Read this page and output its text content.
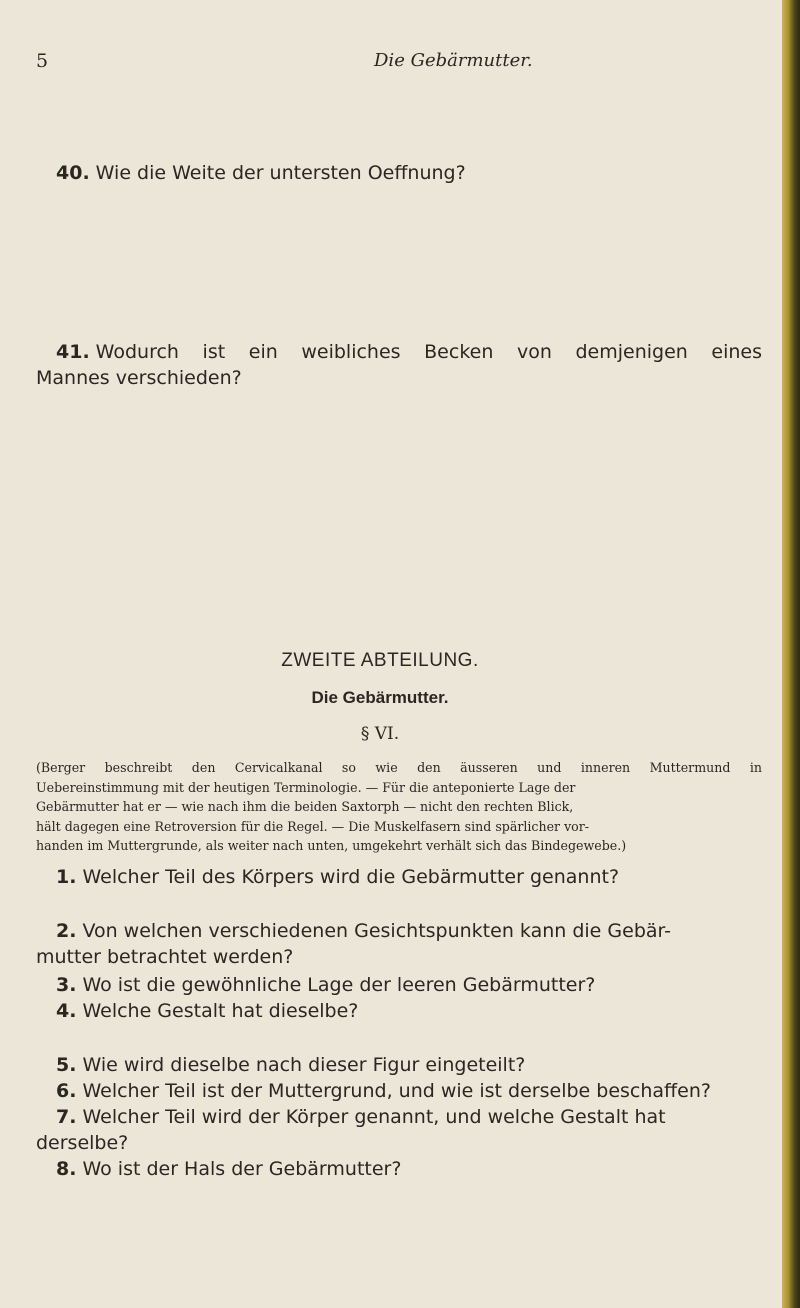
5	Die Gebärmutter.
40. Wie die Weite der untersten Oeffnung?
41. Wodurch ist ein weibliches Becken von demjenigen eines
Mannes verschieden?
ZWEITE ABTEILUNG.
Die Gebärmutter.
§ VI.
(Berger beschreibt den Cervicalkanal so wie den äusseren und inneren Muttermund in
Uebereinstimmung mit der heutigen Terminologie. — Für die anteponierte Lage der
Gebärmutter hat er — wie nach ihm die beiden Saxtorph — nicht den rechten Blick,
hält dagegen eine Retroversion für die Regel. — Die Muskelfasern sind spärlicher vor-
handen im Muttergrunde, als weiter nach unten, umgekehrt verhält sich das Bindegewebe.)
1. Welcher Teil des Körpers wird die Gebärmutter genannt?
2. Von welchen verschiedenen Gesichtspunkten kann die Gebär-
mutter betrachtet werden?
3. Wo ist die gewöhnliche Lage der leeren Gebärmutter?
4. Welche Gestalt hat dieselbe?
5. Wie wird dieselbe nach dieser Figur eingeteilt?
6. Welcher Teil ist der Muttergrund, und wie ist derselbe beschaffen?
7. Welcher Teil wird der Körper genannt, und welche Gestalt hat
derselbe?
8. Wo ist der Hals der Gebärmutter?
